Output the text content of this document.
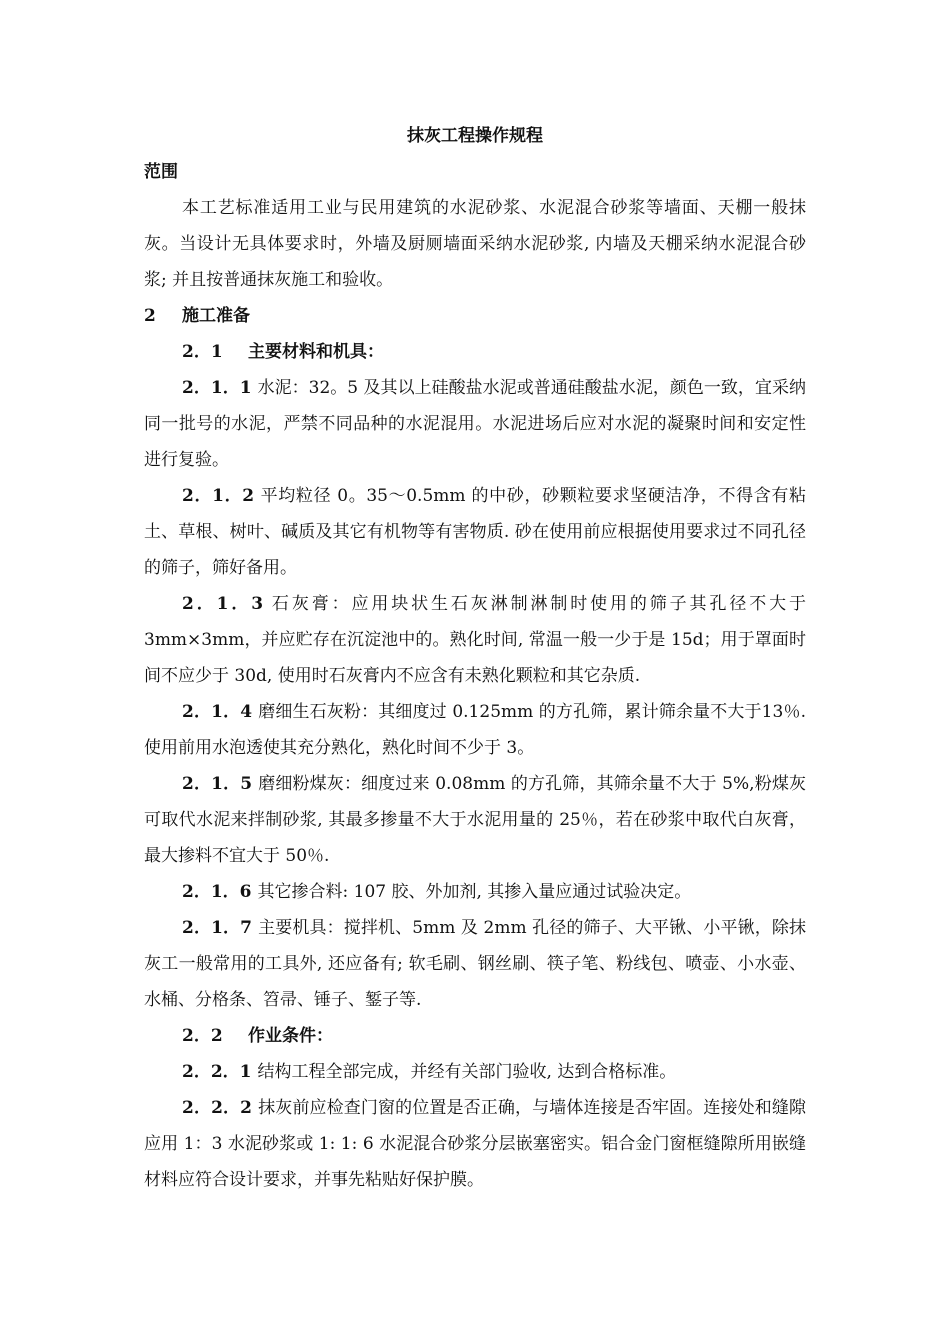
抹灰工程操作规程
范围

本工艺标准适用工业与民用建筑的水泥砂浆、水泥混合砂浆等墙面、天棚一般抹灰。当设计无具体要求时，外墙及厨厕墙面采纳水泥砂浆, 内墙及天棚采纳水泥混合砂浆; 并且按普通抹灰施工和验收。

2 施工准备
2．1 主要材料和机具：

2．1．1 水泥：32。5 及其以上硅酸盐水泥或普通硅酸盐水泥，颜色一致，宜采纳同一批号的水泥，严禁不同品种的水泥混用。水泥进场后应对水泥的凝聚时间和安定性进行复验。

2．1．2 平均粒径 0。35～0.5mm 的中砂，砂颗粒要求坚硬洁净，不得含有粘土、草根、树叶、碱质及其它有机物等有害物质. 砂在使用前应根据使用要求过不同孔径的筛子，筛好备用。

2．1．3 石灰膏：应用块状生石灰淋制淋制时使用的筛子其孔径不大于3mm×3mm，并应贮存在沉淀池中的。熟化时间, 常温一般一少于是 15d；用于罩面时间不应少于 30d, 使用时石灰膏内不应含有未熟化颗粒和其它杂质.

2．1．4 磨细生石灰粉：其细度过 0.125mm 的方孔筛，累计筛余量不大于13％. 使用前用水泡透使其充分熟化，熟化时间不少于 3。

2．1．5 磨细粉煤灰：细度过来 0.08mm 的方孔筛，其筛余量不大于 5%,粉煤灰可取代水泥来拌制砂浆, 其最多掺量不大于水泥用量的 25％，若在砂浆中取代白灰膏，最大掺料不宜大于 50％.

2．1．6 其它掺合料: 107 胶、外加剂, 其掺入量应通过试验决定。

2．1．7 主要机具：搅拌机、5mm 及 2mm 孔径的筛子、大平锹、小平锹，除抹灰工一般常用的工具外, 还应备有; 软毛刷、钢丝刷、筷子笔、粉线包、喷壶、小水壶、水桶、分格条、笤帚、锤子、錾子等.

2．2 作业条件：

2．2．1 结构工程全部完成，并经有关部门验收, 达到合格标准。

2．2．2 抹灰前应检查门窗的位置是否正确，与墙体连接是否牢固。连接处和缝隙应用 1：3 水泥砂浆或 1: 1: 6 水泥混合砂浆分层嵌塞密实。铝合金门窗框缝隙所用嵌缝材料应符合设计要求，并事先粘贴好保护膜。
